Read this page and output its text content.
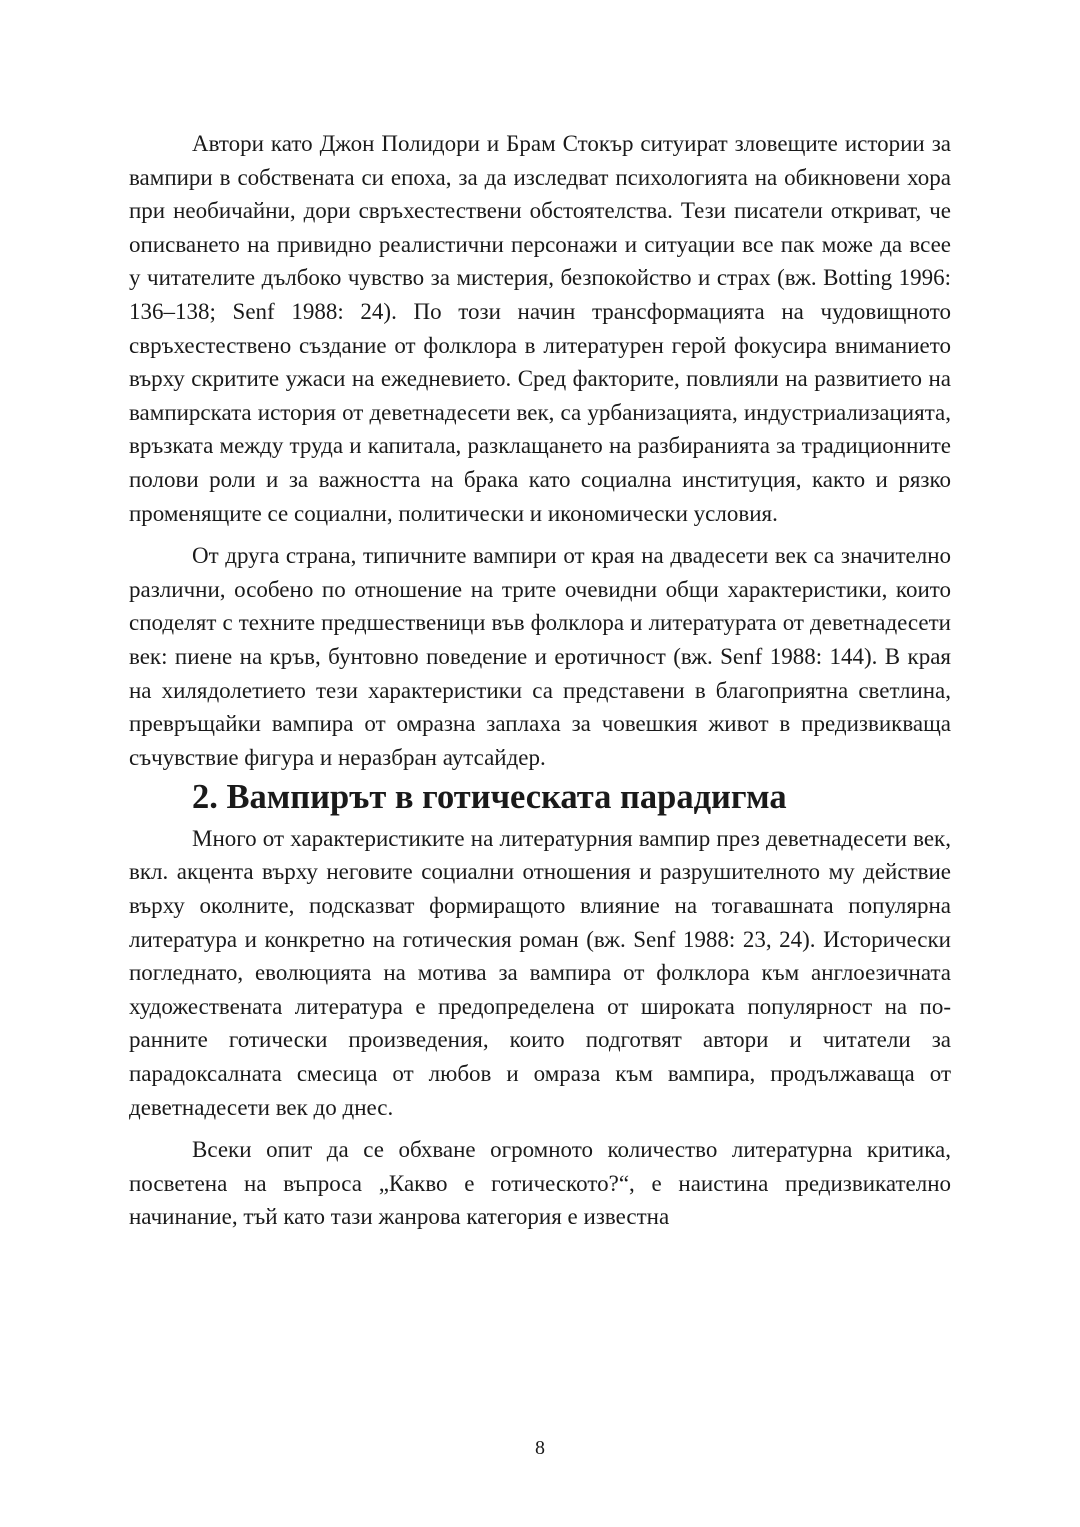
Автори като Джон Полидори и Брам Стокър ситуират зловещите истории за вампири в собствената си епоха, за да изследват психологията на обикновени хора при необичайни, дори свръхестествени обстоятелства. Тези писатели откриват, че описването на привидно реалистични персонажи и ситуации все пак може да всее у читателите дълбоко чувство за мистерия, безпокойство и страх (вж. Botting 1996: 136–138; Senf 1988: 24). По този начин трансформацията на чудовищното свръхестествено създание от фолклора в литературен герой фокусира вниманието върху скритите ужаси на ежедневието. Сред факторите, повлияли на развитието на вампирската история от деветнадесети век, са урбанизацията, индустриализацията, връзката между труда и капитала, разклащането на разбиранията за традиционните полови роли и за важността на брака като социална институция, както и рязко променящите се социални, политически и икономически условия.

От друга страна, типичните вампири от края на двадесети век са значително различни, особено по отношение на трите очевидни общи характеристики, които споделят с техните предшественици във фолклора и литературата от деветнадесети век: пиене на кръв, бунтовно поведение и еротичност (вж. Senf 1988: 144). В края на хилядолетието тези характеристики са представени в благоприятна светлина, превръщайки вампира от омразна заплаха за човешкия живот в предизвикваща съчувствие фигура и неразбран аутсайдер.

2. Вампирът в готическата парадигма

Много от характеристиките на литературния вампир през деветнадесети век, вкл. акцента върху неговите социални отношения и разрушителното му действие върху околните, подсказват формиращото влияние на тогавашната популярна литература и конкретно на готическия роман (вж. Senf 1988: 23, 24). Исторически погледнато, еволюцията на мотива за вампира от фолклора към англоезичната художествената литература е предопределена от широката популярност на по-ранните готически произведения, които подготвят автори и читатели за парадоксалната смесица от любов и омраза към вампира, продължаваща от деветнадесети век до днес.

Всеки опит да се обхване огромното количество литературна критика, посветена на въпроса „Какво е готическото?“, е наистина предизвикателно начинание, тъй като тази жанрова категория е известна

8
